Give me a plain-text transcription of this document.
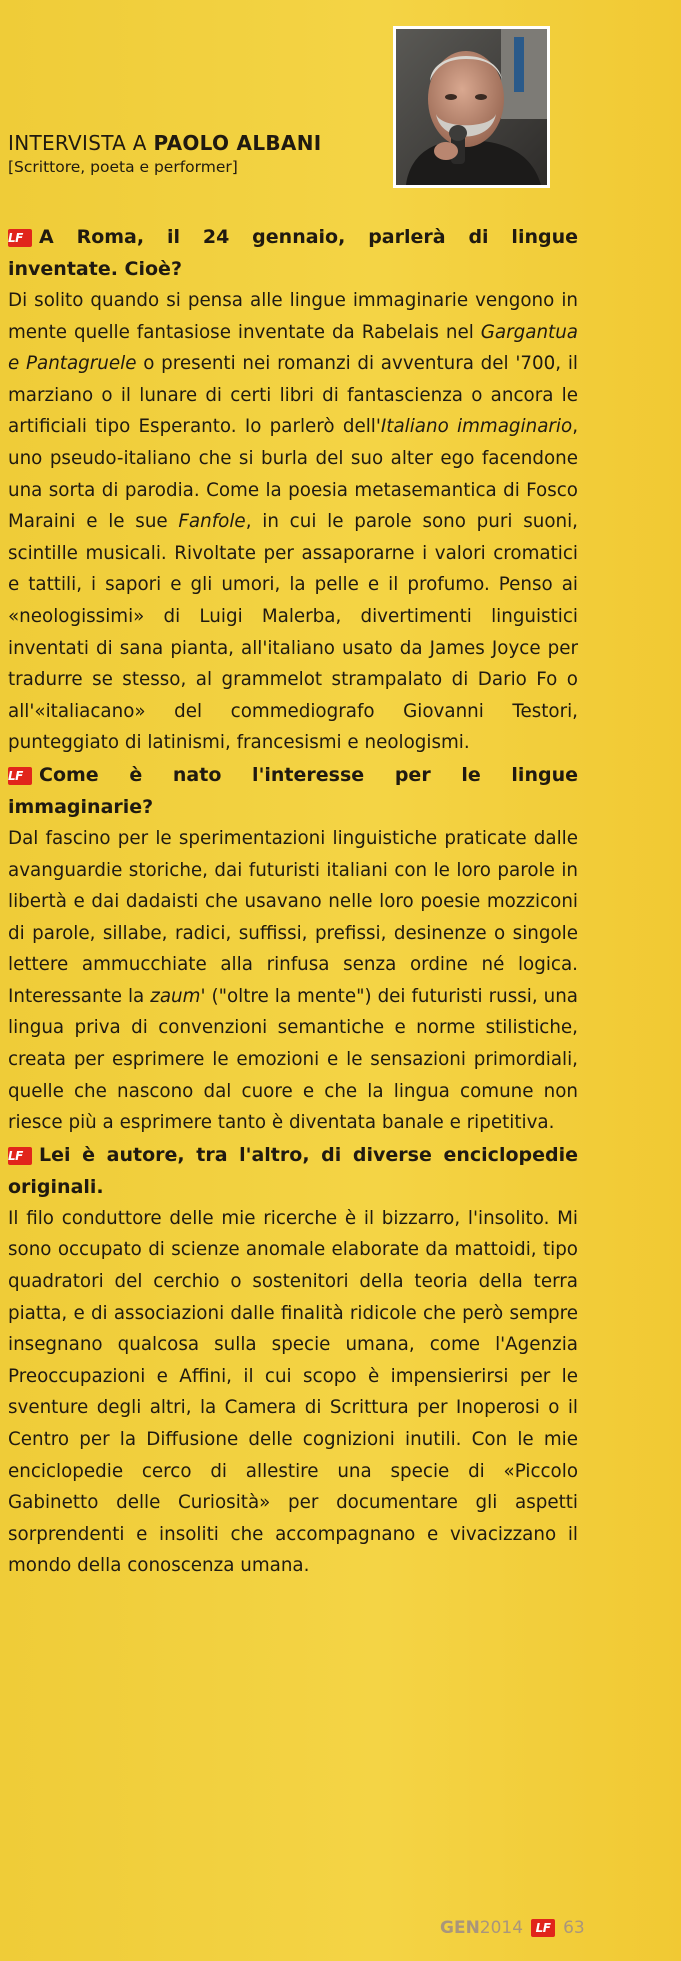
INTERVISTA A PAOLO ALBANI
[Scrittore, poeta e performer]

LF A Roma, il 24 gennaio, parlerà di lingue inventate. Cioè?

Di solito quando si pensa alle lingue immaginarie vengono in mente quelle fantasiose inventate da Rabelais nel Gargantua e Pantagruele o presenti nei romanzi di avventura del '700, il marziano o il lunare di certi libri di fantascienza o ancora le artificiali tipo Esperanto. Io parlerò dell'Italiano immaginario, uno pseudo-italiano che si burla del suo alter ego facendone una sorta di parodia. Come la poesia metasemantica di Fosco Maraini e le sue Fanfole, in cui le parole sono puri suoni, scintille musicali. Rivoltate per assaporarne i valori cromatici e tattili, i sapori e gli umori, la pelle e il profumo. Penso ai «neologissimi» di Luigi Malerba, divertimenti linguistici inventati di sana pianta, all'italiano usato da James Joyce per tradurre se stesso, al grammelot strampalato di Dario Fo o all'«italiacano» del commediografo Giovanni Testori, punteggiato di latinismi, francesismi e neologismi.

LF Come è nato l'interesse per le lingue immaginarie?

Dal fascino per le sperimentazioni linguistiche praticate dalle avanguardie storiche, dai futuristi italiani con le loro parole in libertà e dai dadaisti che usavano nelle loro poesie mozziconi di parole, sillabe, radici, suffissi, prefissi, desinenze o singole lettere ammucchiate alla rinfusa senza ordine né logica. Interessante la zaum' ("oltre la mente") dei futuristi russi, una lingua priva di convenzioni semantiche e norme stilistiche, creata per esprimere le emozioni e le sensazioni primordiali, quelle che nascono dal cuore e che la lingua comune non riesce più a esprimere tanto è diventata banale e ripetitiva.

LF Lei è autore, tra l'altro, di diverse enciclopedie originali.

Il filo conduttore delle mie ricerche è il bizzarro, l'insolito. Mi sono occupato di scienze anomale elaborate da mattoidi, tipo quadratori del cerchio o sostenitori della teoria della terra piatta, e di associazioni dalle finalità ridicole che però sempre insegnano qualcosa sulla specie umana, come l'Agenzia Preoccupazioni e Affini, il cui scopo è impensierirsi per le sventure degli altri, la Camera di Scrittura per Inoperosi o il Centro per la Diffusione delle cognizioni inutili. Con le mie enciclopedie cerco di allestire una specie di «Piccolo Gabinetto delle Curiosità» per documentare gli aspetti sorprendenti e insoliti che accompagnano e vivacizzano il mondo della conoscenza umana.

GEN 2014	LF 63
